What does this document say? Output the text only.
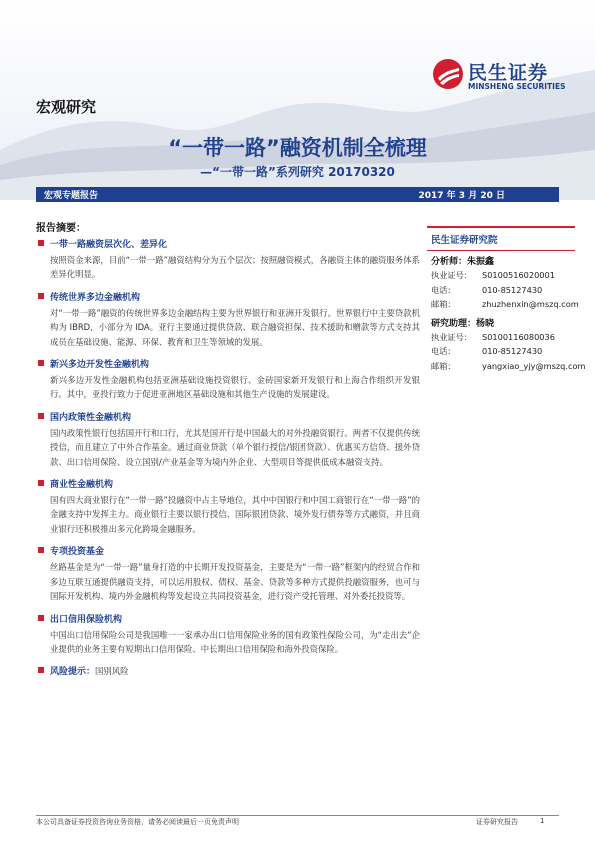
民生证券
MINSHENG SECURITIES
宏观研究
“一带一路”融资机制全梳理
—“一带一路”系列研究 20170320
宏观专题报告	2017 年 3 月 20 日
报告摘要：
一带一路融资层次化、差异化
按照资金来源，目前“一带一路”融资结构分为五个层次；按照融资模式，各融资主体的融资服务体系差异化明显。
传统世界多边金融机构
对“一带一路”融资的传统世界多边金融结构主要为世界银行和亚洲开发银行。世界银行中主要贷款机构为 IBRD，小部分为 IDA。亚行主要通过提供贷款、联合融资担保、技术援助和赠款等方式支持其成员在基础设施、能源、环保、教育和卫生等领域的发展。
新兴多边开发性金融机构
新兴多边开发性金融机构包括亚洲基础设施投资银行、金砖国家新开发银行和上海合作组织开发银行。其中，亚投行致力于促进亚洲地区基础设施和其他生产设施的发展建设。
国内政策性金融机构
国内政策性银行包括国开行和口行，尤其是国开行是中国最大的对外投融资银行。两者不仅提供传统授信，而且建立了中外合作基金。通过商业贷款（单个银行授信/银团贷款）、优惠买方信贷、援外贷款、出口信用保险、设立国别/产业基金等为境内外企业、大型项目等提供低成本融资支持。
商业性金融机构
国有四大商业银行在“一带一路”投融资中占主导地位，其中中国银行和中国工商银行在“一带一路”的金融支持中发挥主力。商业银行主要以银行授信、国际银团贷款、境外发行债券等方式融资，并且商业银行还积极推出多元化跨境金融服务。
专项投资基金
丝路基金是为“一带一路”量身打造的中长期开发投资基金，主要是为“一带一路”框架内的经贸合作和多边互联互通提供融资支持，可以运用股权、债权、基金、贷款等多种方式提供投融资服务，也可与国际开发机构、境内外金融机构等发起设立共同投资基金，进行资产受托管理、对外委托投资等。
出口信用保险机构
中国出口信用保险公司是我国唯一一家承办出口信用保险业务的国有政策性保险公司，为“走出去”企业提供的业务主要有短期出口信用保险、中长期出口信用保险和海外投资保险。
风险提示：国别风险
民生证券研究院
分析师：朱振鑫
执业证号： S0100516020001
电话：	010-85127430
邮箱：	zhuzhenxin@mszq.com
研究助理：杨晓
执业证号： S0100116080036
电话：	010-85127430
邮箱：	yangxiao_yjy@mszq.com
本公司具备证券投资咨询业务资格，请务必阅读最后一页免责声明	证券研究报告	1
